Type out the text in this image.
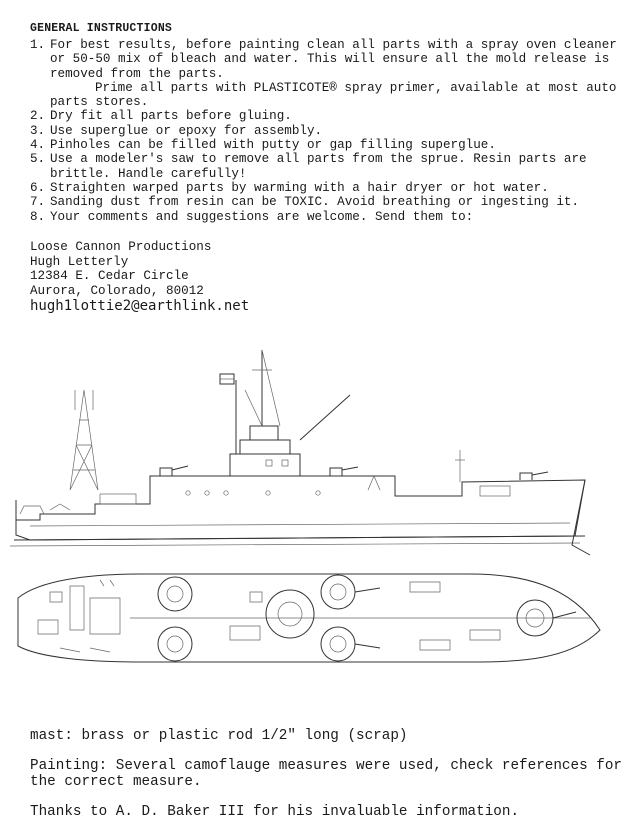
GENERAL INSTRUCTIONS
1. For best results, before painting clean all parts with a spray oven cleaner
or 50-50 mix of bleach and water. This will ensure all the mold release is
removed from the parts.
Prime all parts with PLASTICOTE® spray primer, available at most auto
parts stores.
2. Dry fit all parts before gluing.
3. Use superglue or epoxy for assembly.
4. Pinholes can be filled with putty or gap filling superglue.
5. Use a modeler's saw to remove all parts from the sprue. Resin parts are
brittle. Handle carefully!
6. Straighten warped parts by warming with a hair dryer or hot water.
7. Sanding dust from resin can be TOXIC. Avoid breathing or ingesting it.
8. Your comments and suggestions are welcome. Send them to:
Loose Cannon Productions
Hugh Letterly
12384 E. Cedar Circle
Aurora, Colorado, 80012
hugh1lottie2@earthlink.net

mast: brass or plastic rod 1/2" long (scrap)

Painting: Several camoflauge measures were used, check references for the correct measure.

Thanks to A. D. Baker III for his invaluable information.
